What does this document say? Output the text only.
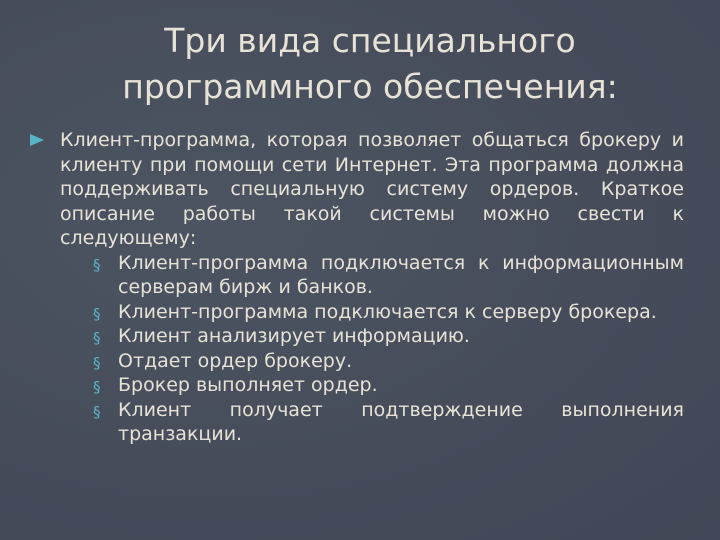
Три вида специального
программного обеспечения:
Клиент-программа, которая позволяет общаться брокеру и клиенту при помощи сети Интернет. Эта программа должна поддерживать специальную систему ордеров. Краткое описание работы такой системы можно свести к следующему:
§ Клиент-программа подключается к информационным серверам бирж и банков.
§ Клиент-программа подключается к серверу брокера.
§ Клиент анализирует информацию.
§ Отдает ордер брокеру.
§ Брокер выполняет ордер.
§ Клиент получает подтверждение выполнения транзакции.
